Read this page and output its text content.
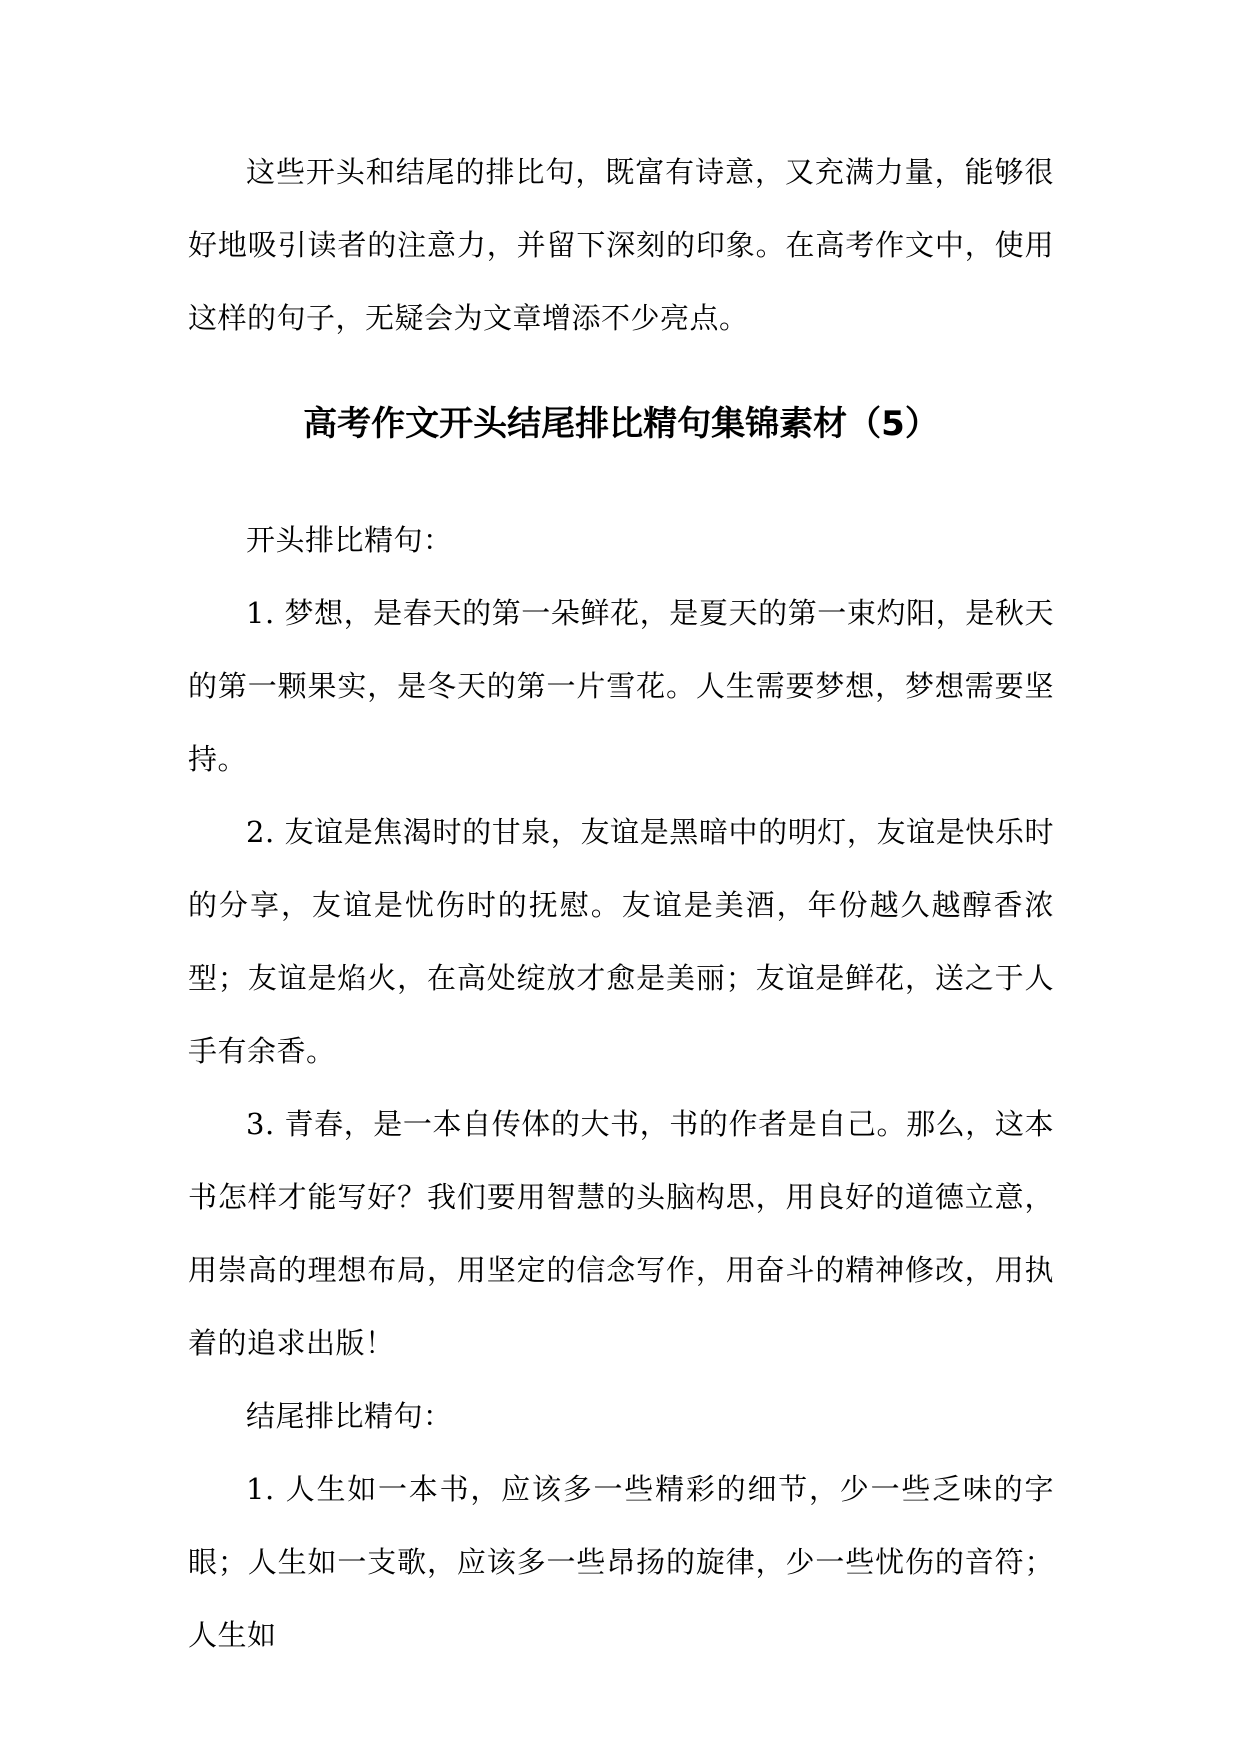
这些开头和结尾的排比句，既富有诗意，又充满力量，能够很好地吸引读者的注意力，并留下深刻的印象。在高考作文中，使用这样的句子，无疑会为文章增添不少亮点。

高考作文开头结尾排比精句集锦素材（5）

开头排比精句：

1. 梦想，是春天的第一朵鲜花，是夏天的第一束灼阳，是秋天的第一颗果实，是冬天的第一片雪花。人生需要梦想，梦想需要坚持。

2. 友谊是焦渴时的甘泉，友谊是黑暗中的明灯，友谊是快乐时的分享，友谊是忧伤时的抚慰。友谊是美酒，年份越久越醇香浓型；友谊是焰火，在高处绽放才愈是美丽；友谊是鲜花，送之于人手有余香。

3. 青春，是一本自传体的大书，书的作者是自己。那么，这本书怎样才能写好？我们要用智慧的头脑构思，用良好的道德立意，用崇高的理想布局，用坚定的信念写作，用奋斗的精神修改，用执着的追求出版！

结尾排比精句：

1. 人生如一本书，应该多一些精彩的细节，少一些乏味的字眼；人生如一支歌，应该多一些昂扬的旋律，少一些忧伤的音符；人生如
